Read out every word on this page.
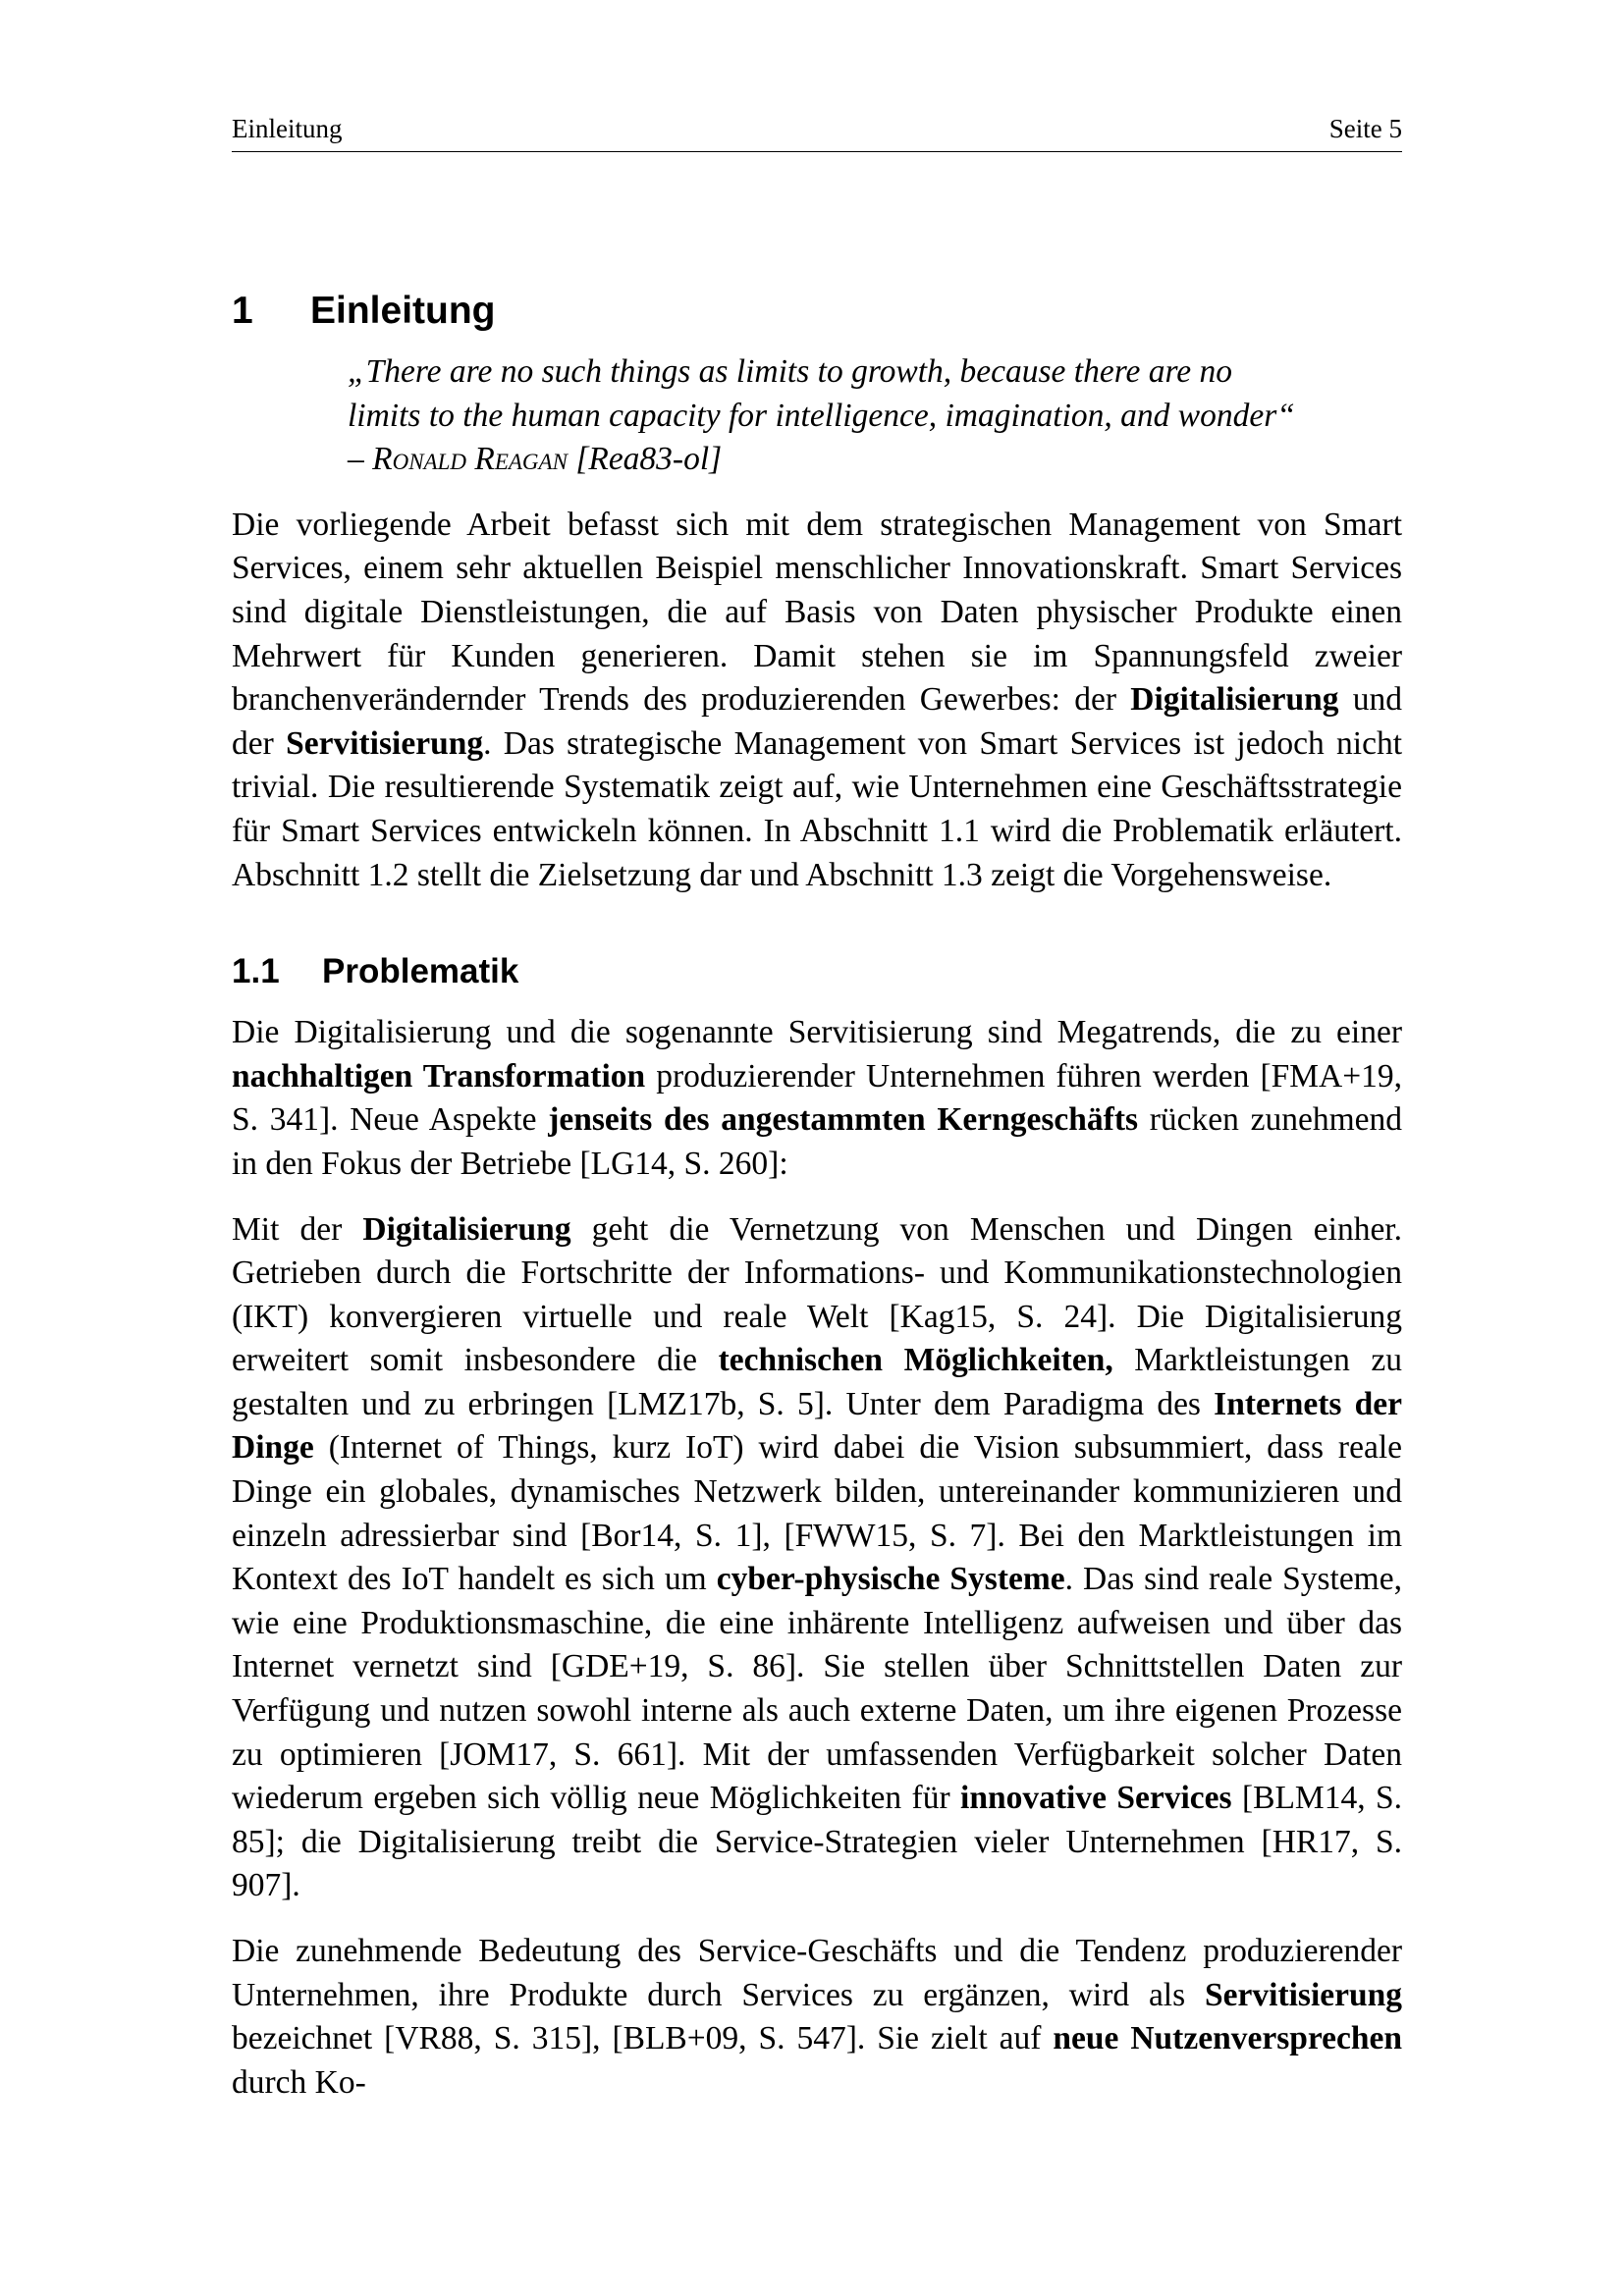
Einleitung	Seite 5
1	Einleitung
„There are no such things as limits to growth, because there are no
limits to the human capacity for intelligence, imagination, and wonder“
– Ronald Reagan [Rea83-ol]

Die vorliegende Arbeit befasst sich mit dem strategischen Management von Smart Services, einem sehr aktuellen Beispiel menschlicher Innovationskraft. Smart Services sind digitale Dienstleistungen, die auf Basis von Daten physischer Produkte einen Mehrwert für Kunden generieren. Damit stehen sie im Spannungsfeld zweier branchenverändernder Trends des produzierenden Gewerbes: der Digitalisierung und der Servitisierung. Das strategische Management von Smart Services ist jedoch nicht trivial. Die resultierende Systematik zeigt auf, wie Unternehmen eine Geschäftsstrategie für Smart Services entwickeln können. In Abschnitt 1.1 wird die Problematik erläutert. Abschnitt 1.2 stellt die Zielsetzung dar und Abschnitt 1.3 zeigt die Vorgehensweise.

1.1	Problematik

Die Digitalisierung und die sogenannte Servitisierung sind Megatrends, die zu einer nachhaltigen Transformation produzierender Unternehmen führen werden [FMA+19, S. 341]. Neue Aspekte jenseits des angestammten Kerngeschäfts rücken zunehmend in den Fokus der Betriebe [LG14, S. 260]:

Mit der Digitalisierung geht die Vernetzung von Menschen und Dingen einher. Getrieben durch die Fortschritte der Informations- und Kommunikationstechnologien (IKT) konvergieren virtuelle und reale Welt [Kag15, S. 24]. Die Digitalisierung erweitert somit insbesondere die technischen Möglichkeiten, Marktleistungen zu gestalten und zu erbringen [LMZ17b, S. 5]. Unter dem Paradigma des Internets der Dinge (Internet of Things, kurz IoT) wird dabei die Vision subsummiert, dass reale Dinge ein globales, dynamisches Netzwerk bilden, untereinander kommunizieren und einzeln adressierbar sind [Bor14, S. 1], [FWW15, S. 7]. Bei den Marktleistungen im Kontext des IoT handelt es sich um cyber-physische Systeme. Das sind reale Systeme, wie eine Produktionsmaschine, die eine inhärente Intelligenz aufweisen und über das Internet vernetzt sind [GDE+19, S. 86]. Sie stellen über Schnittstellen Daten zur Verfügung und nutzen sowohl interne als auch externe Daten, um ihre eigenen Prozesse zu optimieren [JOM17, S. 661]. Mit der umfassenden Verfügbarkeit solcher Daten wiederum ergeben sich völlig neue Möglichkeiten für innovative Services [BLM14, S. 85]; die Digitalisierung treibt die Service-Strategien vieler Unternehmen [HR17, S. 907].

Die zunehmende Bedeutung des Service-Geschäfts und die Tendenz produzierender Unternehmen, ihre Produkte durch Services zu ergänzen, wird als Servitisierung bezeichnet [VR88, S. 315], [BLB+09, S. 547]. Sie zielt auf neue Nutzenversprechen durch Ko-
